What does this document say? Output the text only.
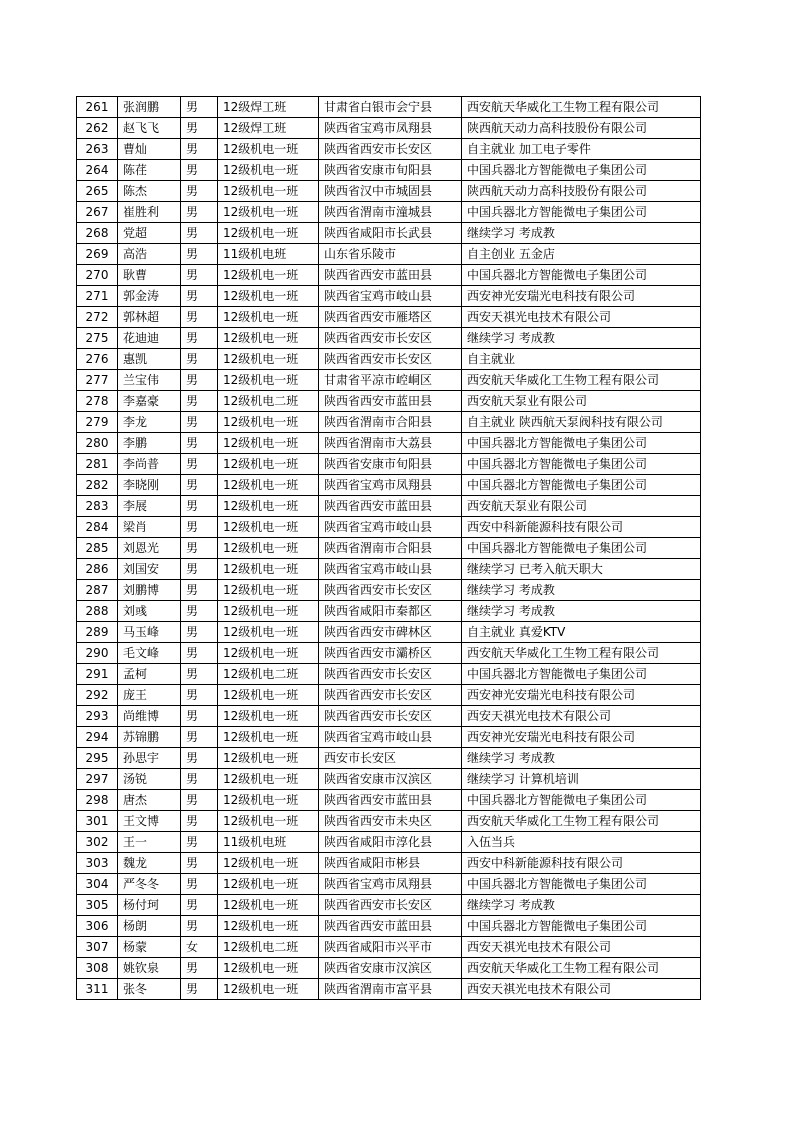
261	张润鹏	男	12级焊工班	甘肃省白银市会宁县	西安航天华威化工生物工程有限公司
262	赵飞飞	男	12级焊工班	陕西省宝鸡市凤翔县	陕西航天动力高科技股份有限公司
263	曹灿	男	12级机电一班	陕西省西安市长安区	自主就业 加工电子零件
264	陈荏	男	12级机电一班	陕西省安康市旬阳县	中国兵器北方智能微电子集团公司
265	陈杰	男	12级机电一班	陕西省汉中市城固县	陕西航天动力高科技股份有限公司
267	崔胜利	男	12级机电一班	陕西省渭南市潼城县	中国兵器北方智能微电子集团公司
268	党超	男	12级机电一班	陕西省咸阳市长武县	继续学习 考成教
269	高浩	男	11级机电班	山东省乐陵市	自主创业 五金店
270	耿曹	男	12级机电一班	陕西省西安市蓝田县	中国兵器北方智能微电子集团公司
271	郭金涛	男	12级机电一班	陕西省宝鸡市岐山县	西安神光安瑞光电科技有限公司
272	郭林超	男	12级机电一班	陕西省西安市雁塔区	西安天祺光电技术有限公司
275	花迪迪	男	12级机电一班	陕西省西安市长安区	继续学习 考成教
276	惠凯	男	12级机电一班	陕西省西安市长安区	自主就业
277	兰宝伟	男	12级机电一班	甘肃省平凉市崆峒区	西安航天华威化工生物工程有限公司
278	李嘉豪	男	12级机电二班	陕西省西安市蓝田县	西安航天泵业有限公司
279	李龙	男	12级机电一班	陕西省渭南市合阳县	自主就业 陕西航天泵阀科技有限公司
280	李鹏	男	12级机电一班	陕西省渭南市大荔县	中国兵器北方智能微电子集团公司
281	李尚普	男	12级机电一班	陕西省安康市旬阳县	中国兵器北方智能微电子集团公司
282	李晓刚	男	12级机电一班	陕西省宝鸡市凤翔县	中国兵器北方智能微电子集团公司
283	李展	男	12级机电一班	陕西省西安市蓝田县	西安航天泵业有限公司
284	梁肖	男	12级机电一班	陕西省宝鸡市岐山县	西安中科新能源科技有限公司
285	刘恩光	男	12级机电一班	陕西省渭南市合阳县	中国兵器北方智能微电子集团公司
286	刘国安	男	12级机电一班	陕西省宝鸡市岐山县	继续学习 已考入航天职大
287	刘鹏博	男	12级机电一班	陕西省西安市长安区	继续学习 考成教
288	刘彧	男	12级机电一班	陕西省咸阳市秦都区	继续学习 考成教
289	马玉峰	男	12级机电一班	陕西省西安市碑林区	自主就业 真爱KTV
290	毛文峰	男	12级机电一班	陕西省西安市灞桥区	西安航天华威化工生物工程有限公司
291	孟柯	男	12级机电二班	陕西省西安市长安区	中国兵器北方智能微电子集团公司
292	庞王	男	12级机电一班	陕西省西安市长安区	西安神光安瑞光电科技有限公司
293	尚维博	男	12级机电一班	陕西省西安市长安区	西安天祺光电技术有限公司
294	苏锦鹏	男	12级机电一班	陕西省宝鸡市岐山县	西安神光安瑞光电科技有限公司
295	孙思宇	男	12级机电一班	西安市长安区	继续学习 考成教
297	汤锐	男	12级机电一班	陕西省安康市汉滨区	继续学习 计算机培训
298	唐杰	男	12级机电一班	陕西省西安市蓝田县	中国兵器北方智能微电子集团公司
301	王文博	男	12级机电一班	陕西省西安市未央区	西安航天华威化工生物工程有限公司
302	王一	男	11级机电班	陕西省咸阳市淳化县	入伍当兵
303	魏龙	男	12级机电一班	陕西省咸阳市彬县	西安中科新能源科技有限公司
304	严冬冬	男	12级机电一班	陕西省宝鸡市凤翔县	中国兵器北方智能微电子集团公司
305	杨付珂	男	12级机电一班	陕西省西安市长安区	继续学习 考成教
306	杨朗	男	12级机电一班	陕西省西安市蓝田县	中国兵器北方智能微电子集团公司
307	杨蒙	女	12级机电二班	陕西省咸阳市兴平市	西安天祺光电技术有限公司
308	姚钦泉	男	12级机电一班	陕西省安康市汉滨区	西安航天华威化工生物工程有限公司
311	张冬	男	12级机电一班	陕西省渭南市富平县	西安天祺光电技术有限公司
